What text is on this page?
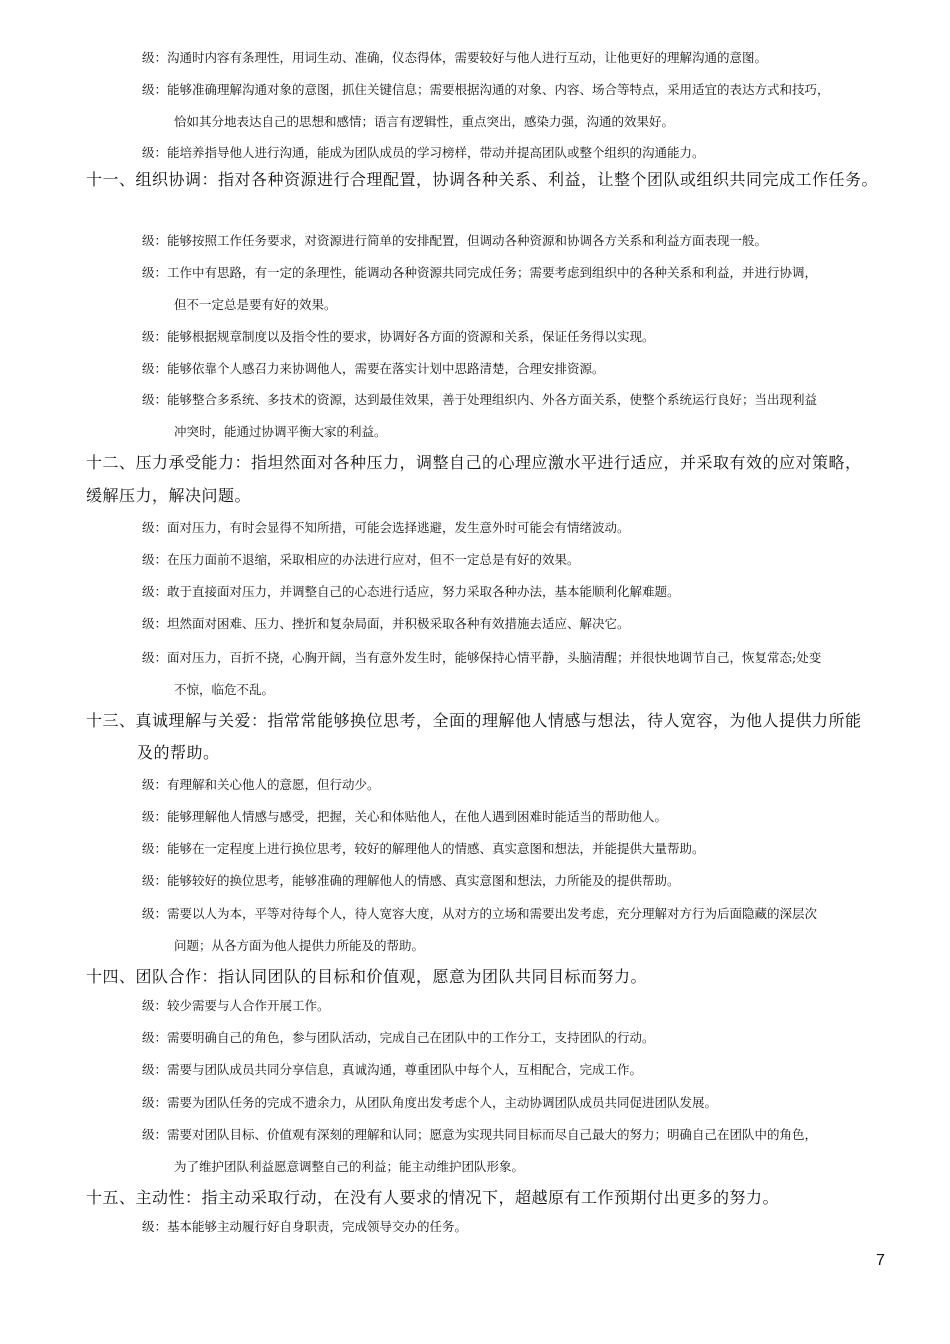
级：沟通时内容有条理性，用词生动、准确，仪态得体，需要较好与他人进行互动，让他更好的理解沟通的意图。
级：能够准确理解沟通对象的意图，抓住关键信息；需要根据沟通的对象、内容、场合等特点，采用适宜的表达方式和技巧，
恰如其分地表达自己的思想和感情；语言有逻辑性，重点突出，感染力强，沟通的效果好。
级：能培养指导他人进行沟通，能成为团队成员的学习榜样，带动并提高团队或整个组织的沟通能力。
十一、组织协调：指对各种资源进行合理配置，协调各种关系、利益，让整个团队或组织共同完成工作任务。
级：能够按照工作任务要求，对资源进行简单的安排配置，但调动各种资源和协调各方关系和利益方面表现一般。
级：工作中有思路，有一定的条理性，能调动各种资源共同完成任务；需要考虑到组织中的各种关系和利益，并进行协调，
但不一定总是要有好的效果。
级：能够根据规章制度以及指令性的要求，协调好各方面的资源和关系，保证任务得以实现。
级：能够依靠个人感召力来协调他人，需要在落实计划中思路清楚，合理安排资源。
级：能够整合多系统、多技术的资源，达到最佳效果，善于处理组织内、外各方面关系，使整个系统运行良好；当出现利益
冲突时，能通过协调平衡大家的利益。
十二、压力承受能力：指坦然面对各种压力，调整自己的心理应激水平进行适应，并采取有效的应对策略，
缓解压力，解决问题。
级：面对压力，有时会显得不知所措，可能会选择逃避，发生意外时可能会有情绪波动。
级：在压力面前不退缩，采取相应的办法进行应对，但不一定总是有好的效果。
级：敢于直接面对压力，并调整自己的心态进行适应，努力采取各种办法，基本能顺利化解难题。
级：坦然面对困难、压力、挫折和复杂局面，并积极采取各种有效措施去适应、解决它。
级：面对压力，百折不挠，心胸开阔，当有意外发生时，能够保持心情平静，头脑清醒；并很快地调节自己，恢复常态;处变
不惊，临危不乱。
十三、真诚理解与关爱：指常常能够换位思考，全面的理解他人情感与想法，待人宽容，为他人提供力所能
及的帮助。
级：有理解和关心他人的意愿，但行动少。
级：能够理解他人情感与感受，把握，关心和体贴他人，在他人遇到困难时能适当的帮助他人。
级：能够在一定程度上进行换位思考，较好的解理他人的情感、真实意图和想法，并能提供大量帮助。
级：能够较好的换位思考，能够准确的理解他人的情感、真实意图和想法，力所能及的提供帮助。
级：需要以人为本，平等对待每个人，待人宽容大度，从对方的立场和需要出发考虑，充分理解对方行为后面隐藏的深层次
问题；从各方面为他人提供力所能及的帮助。
十四、团队合作：指认同团队的目标和价值观，愿意为团队共同目标而努力。
级：较少需要与人合作开展工作。
级：需要明确自己的角色，参与团队活动，完成自己在团队中的工作分工，支持团队的行动。
级：需要与团队成员共同分享信息，真诚沟通，尊重团队中每个人，互相配合，完成工作。
级：需要为团队任务的完成不遗余力，从团队角度出发考虑个人，主动协调团队成员共同促进团队发展。
级：需要对团队目标、价值观有深刻的理解和认同；愿意为实现共同目标而尽自己最大的努力；明确自己在团队中的角色，
为了维护团队利益愿意调整自己的利益；能主动维护团队形象。
十五、主动性：指主动采取行动，在没有人要求的情况下，超越原有工作预期付出更多的努力。
级：基本能够主动履行好自身职责，完成领导交办的任务。
7
